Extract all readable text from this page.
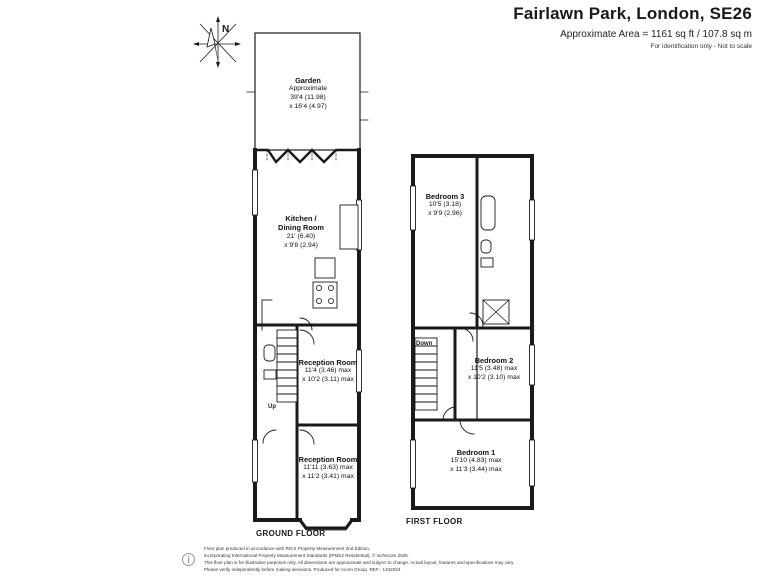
Fairlawn Park, London, SE26
Approximate Area = 1161 sq ft / 107.8 sq m
For identification only - Not to scale
N
Garden
Approximate
39'4 (11.98)
x 16'4 (4.97)
Kitchen /
Dining Room
21' (6.40)
x 9'8 (2.94)
Reception Room
11'4 (3.46) max
x 10'2 (3.11) max
Reception Room
11'11 (3.63) max
x 11'2 (3.41) max
Bedroom 3
10'5 (3.18)
x 9'9 (2.96)
Bedroom 2
11'5 (3.48) max
x 10'2 (3.10) max
Bedroom 1
15'10 (4.83) max
x 11'3 (3.44) max
Up
Down
GROUND FLOOR
FIRST FLOOR
Floor plan produced in accordance with RICS Property Measurement 2nd Edition,
incorporating International Property Measurement Standards (IPMS2 Residential). © nichecom 2025.
This floor plan is for illustrative purposes only. All dimensions are approximate and subject to change. Actual layout, features and specifications may vary.
Please verify independently before making decisions. Produced for Acorn Group. REF : 1342024
